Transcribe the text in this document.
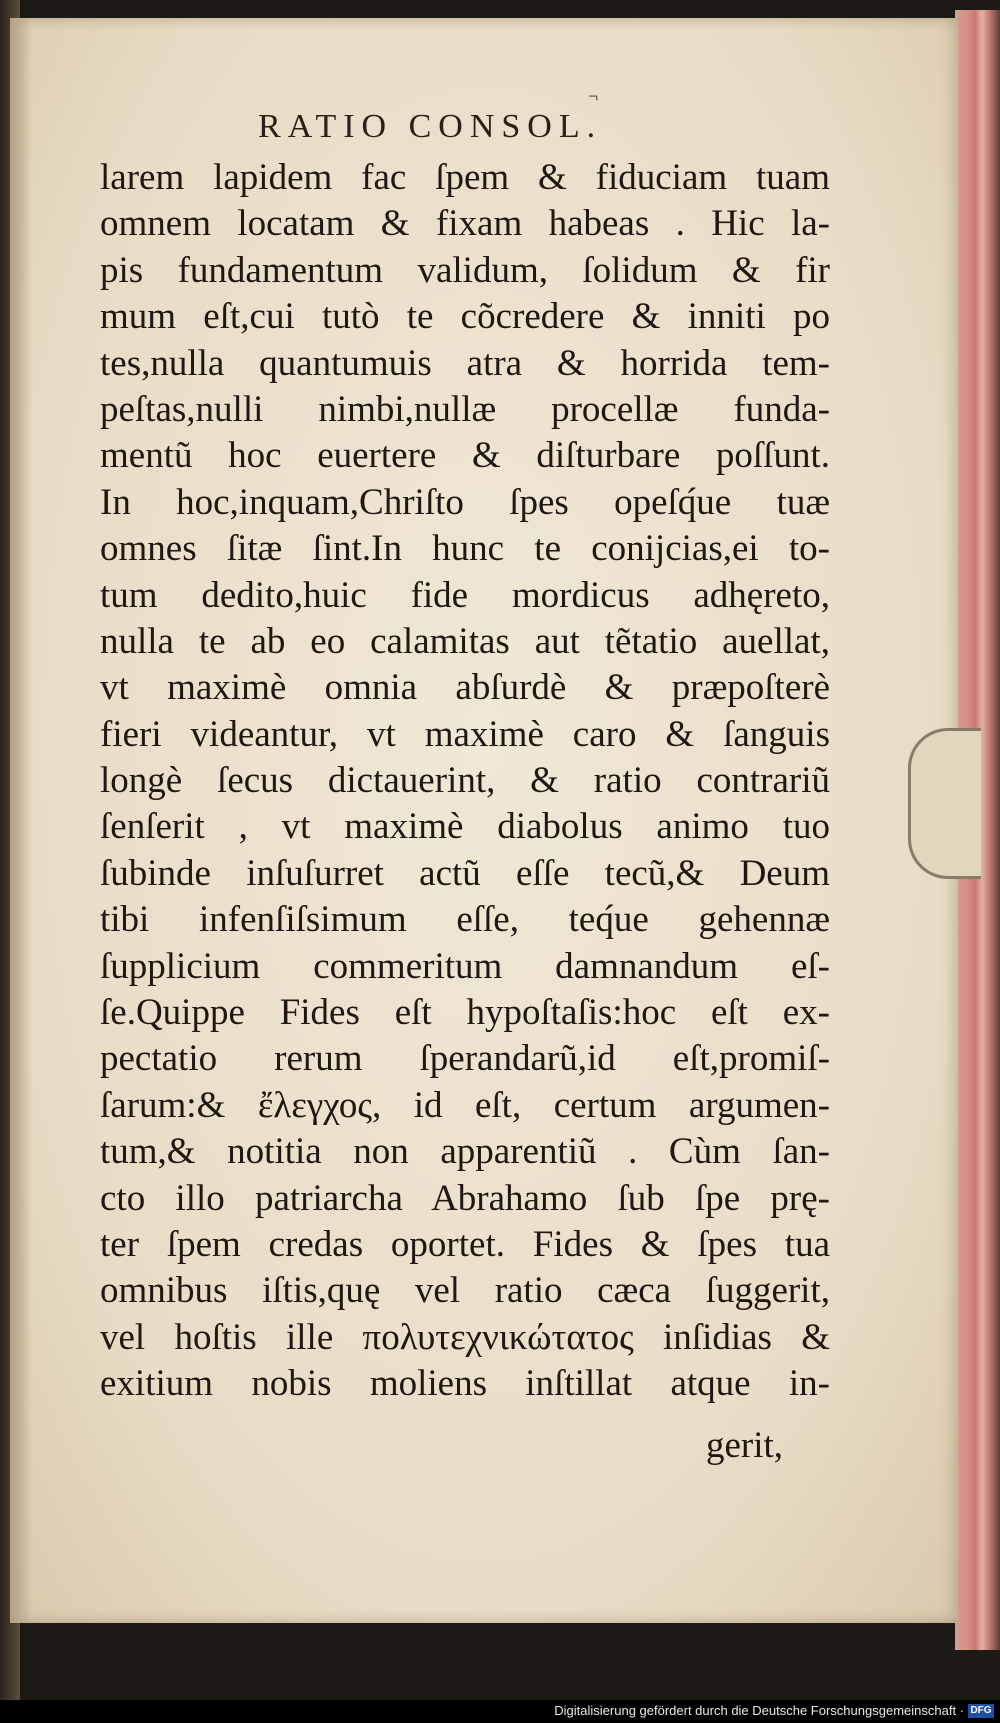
¬
RATIO CONSOL.
larem lapidem fac ſpem & fiduciam tuam
omnem locatam & fixam habeas . Hic la-
pis fundamentum validum, ſolidum & fir
mum eſt,cui tutò te cõcredere & inniti po
tes,nulla quantumuis atra & horrida tem-
peſtas,nulli nimbi,nullæ procellæ funda-
mentũ hoc euertere & diſturbare poſſunt.
In hoc,inquam,Chriſto ſpes opeſq́ue tuæ
omnes ſitæ ſint.In hunc te conijcias,ei to-
tum dedito,huic fide mordicus adhęreto,
nulla te ab eo calamitas aut tẽtatio auellat,
vt maximè omnia abſurdè & præpoſterè
fieri videantur, vt maximè caro & ſanguis
longè ſecus dictauerint, & ratio contrariũ
ſenſerit , vt maximè diabolus animo tuo
ſubinde inſuſurret actũ eſſe tecũ,& Deum
tibi infenſiſsimum eſſe, teq́ue gehennæ
ſupplicium commeritum damnandum eſ-
ſe.Quippe Fides eſt hypoſtaſis:hoc eſt ex-
pectatio rerum ſperandarũ,id eſt,promiſ-
ſarum:& ἔλεγχος, id eſt, certum argumen-
tum,& notitia non apparentiũ . Cùm ſan-
cto illo patriarcha Abrahamo ſub ſpe prę-
ter ſpem credas oportet. Fides & ſpes tua
omnibus iſtis,quę vel ratio cæca ſuggerit,
vel hoſtis ille πολυτεχνικώτατος inſidias &
exitium nobis moliens inſtillat atque in-
gerit,
Digitalisierung gefördert durch die Deutsche Forschungsgemeinschaft · DFG
